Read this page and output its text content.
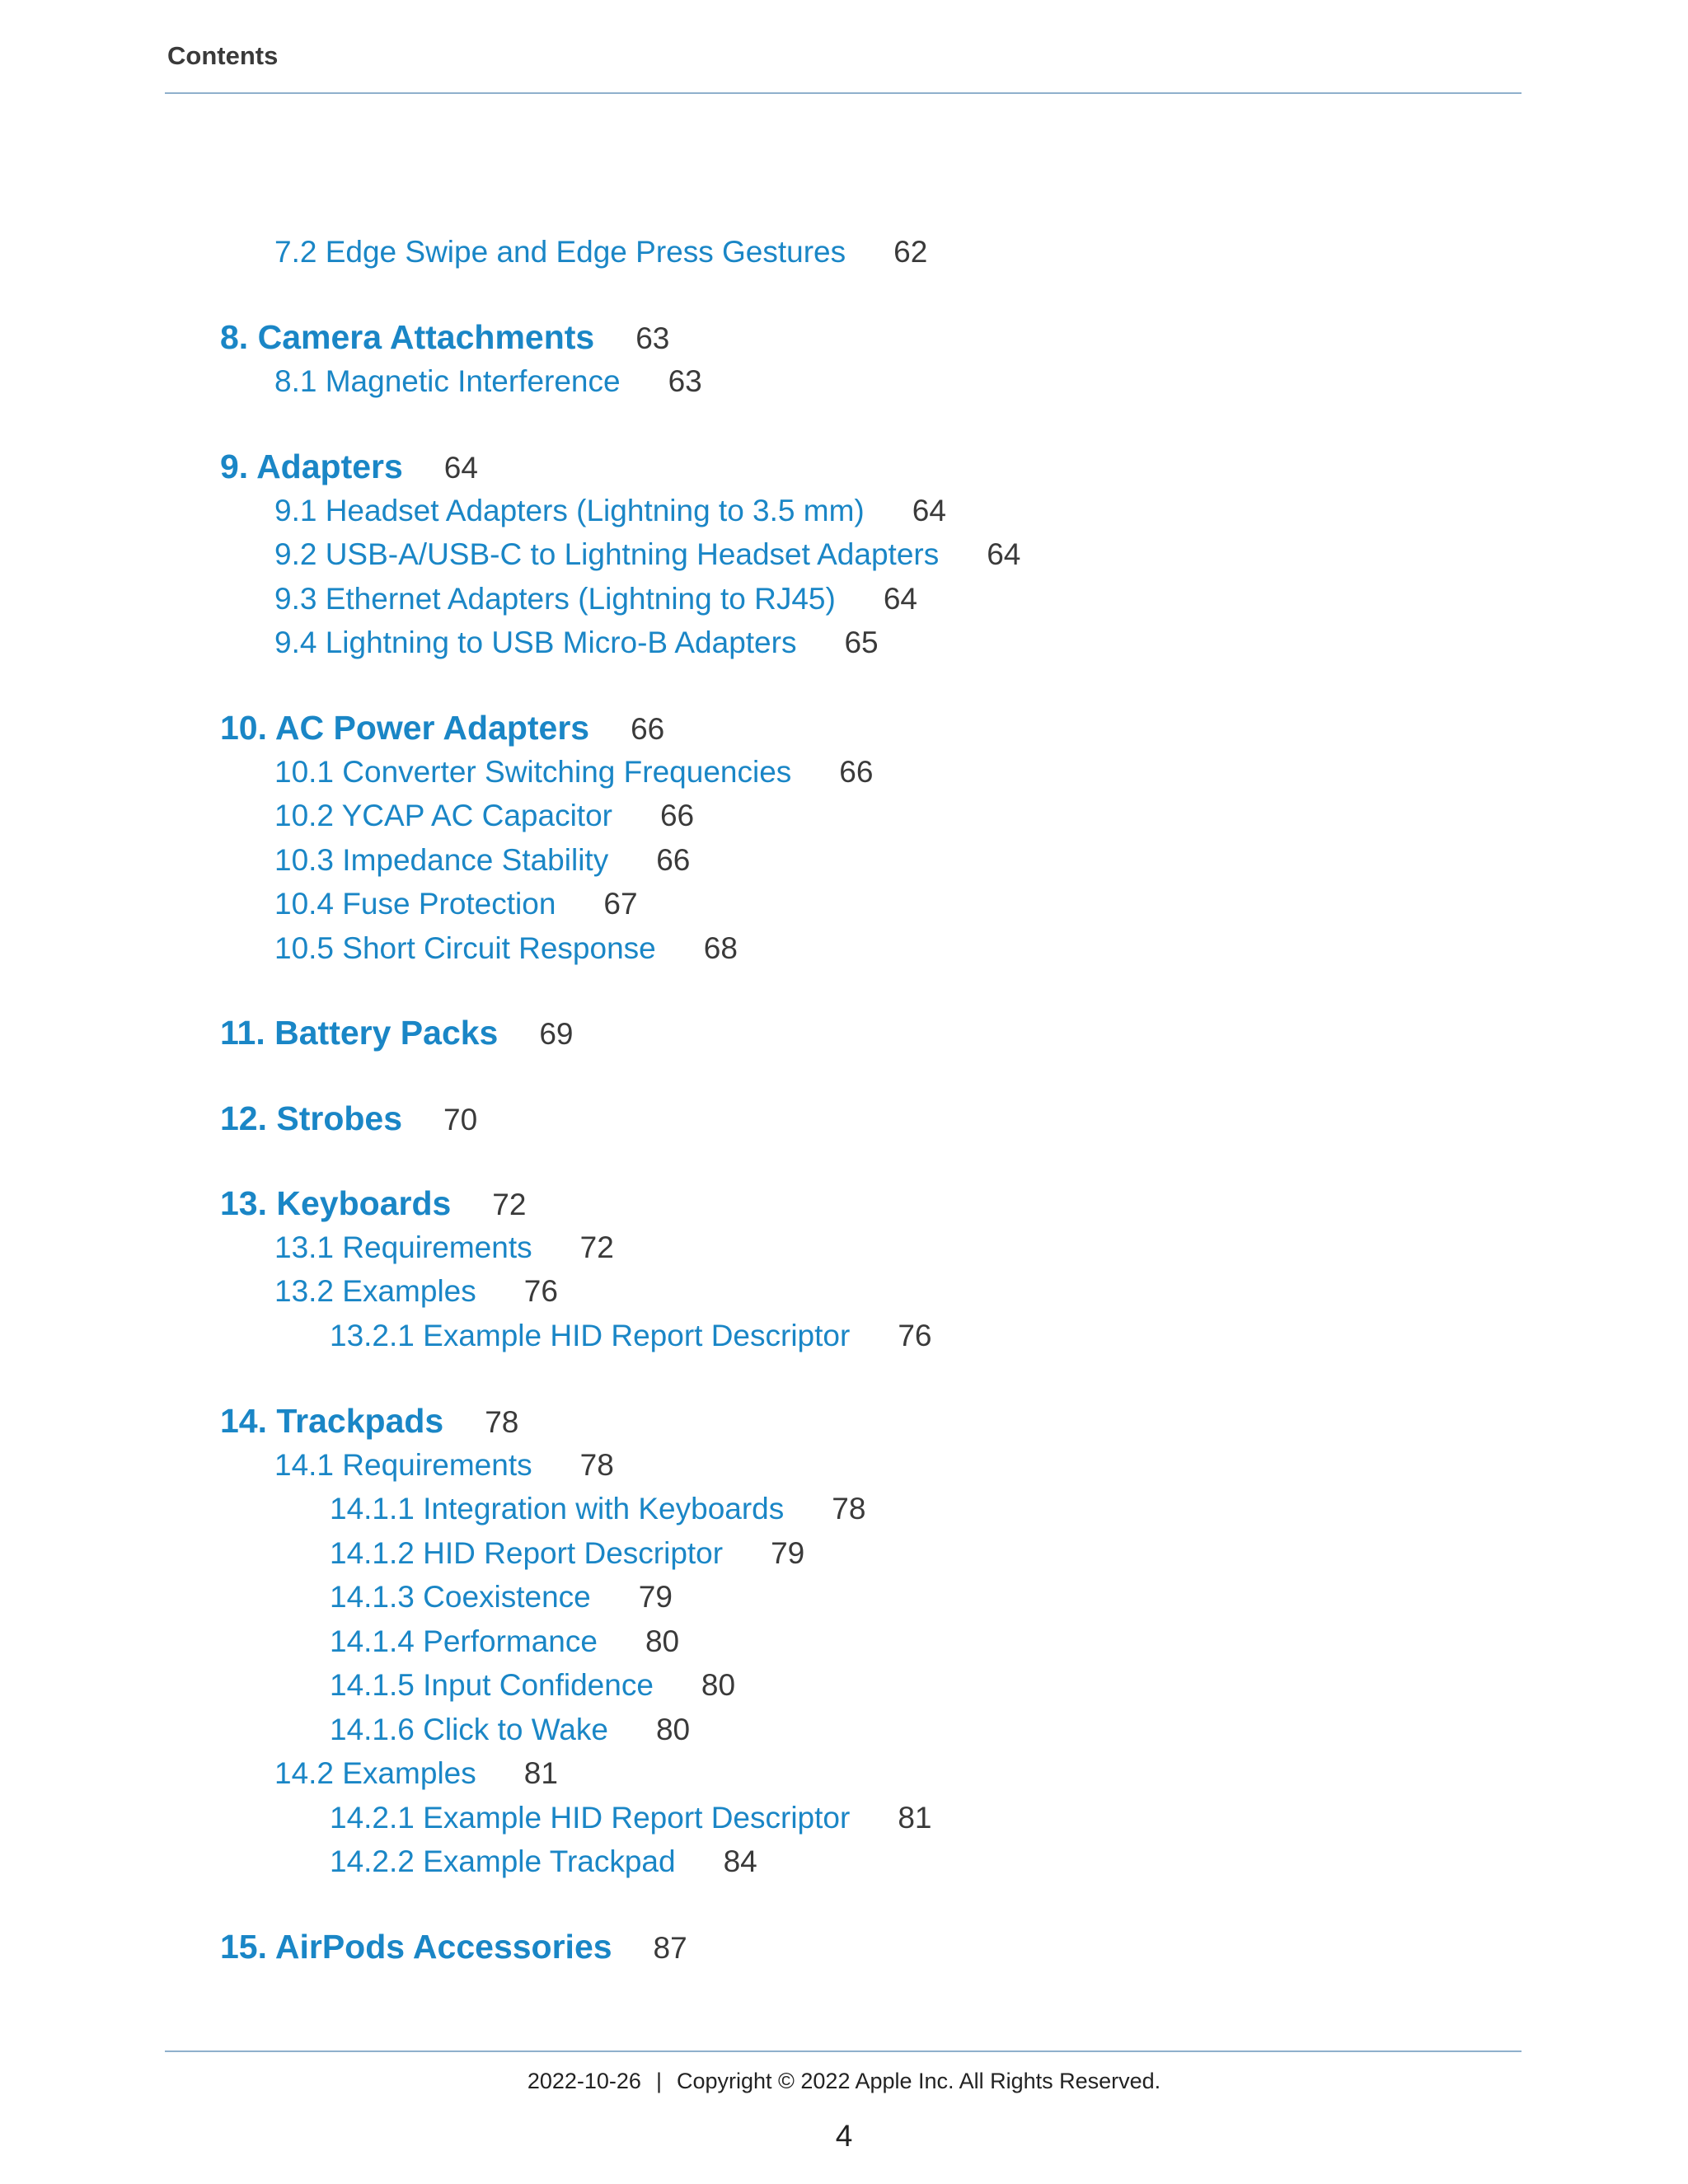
Contents
7.2 Edge Swipe and Edge Press Gestures 62
8. Camera Attachments 63
8.1 Magnetic Interference 63
9. Adapters 64
9.1 Headset Adapters (Lightning to 3.5 mm) 64
9.2 USB-A/USB-C to Lightning Headset Adapters 64
9.3 Ethernet Adapters (Lightning to RJ45) 64
9.4 Lightning to USB Micro-B Adapters 65
10. AC Power Adapters 66
10.1 Converter Switching Frequencies 66
10.2 YCAP AC Capacitor 66
10.3 Impedance Stability 66
10.4 Fuse Protection 67
10.5 Short Circuit Response 68
11. Battery Packs 69
12. Strobes 70
13. Keyboards 72
13.1 Requirements 72
13.2 Examples 76
13.2.1 Example HID Report Descriptor 76
14. Trackpads 78
14.1 Requirements 78
14.1.1 Integration with Keyboards 78
14.1.2 HID Report Descriptor 79
14.1.3 Coexistence 79
14.1.4 Performance 80
14.1.5 Input Confidence 80
14.1.6 Click to Wake 80
14.2 Examples 81
14.2.1 Example HID Report Descriptor 81
14.2.2 Example Trackpad 84
15. AirPods Accessories 87
2022-10-26 | Copyright © 2022 Apple Inc. All Rights Reserved.
4
